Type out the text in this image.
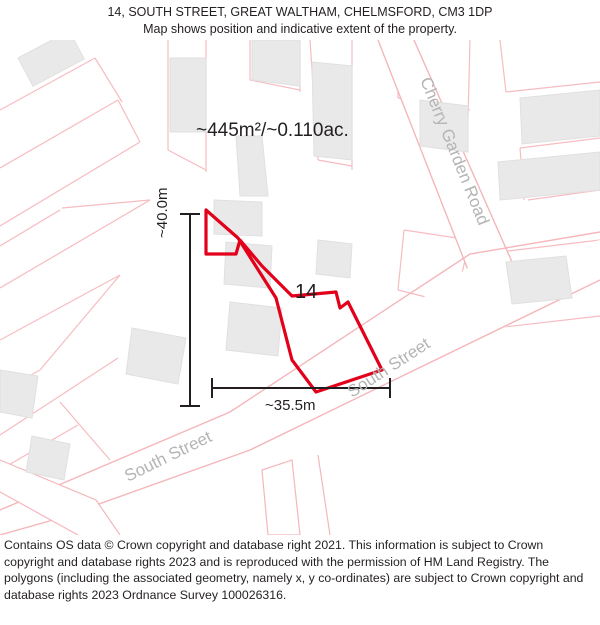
14, SOUTH STREET, GREAT WALTHAM, CHELMSFORD, CM3 1DP
Map shows position and indicative extent of the property.
Cherry Garden Road
South Street
South Street
~445m²/~0.110ac.
14
~40.0m
~35.5m
Contains OS data © Crown copyright and database right 2021. This information is subject to Crown copyright and database rights 2023 and is reproduced with the permission of HM Land Registry. The polygons (including the associated geometry, namely x, y co-ordinates) are subject to Crown copyright and database rights 2023 Ordnance Survey 100026316.
